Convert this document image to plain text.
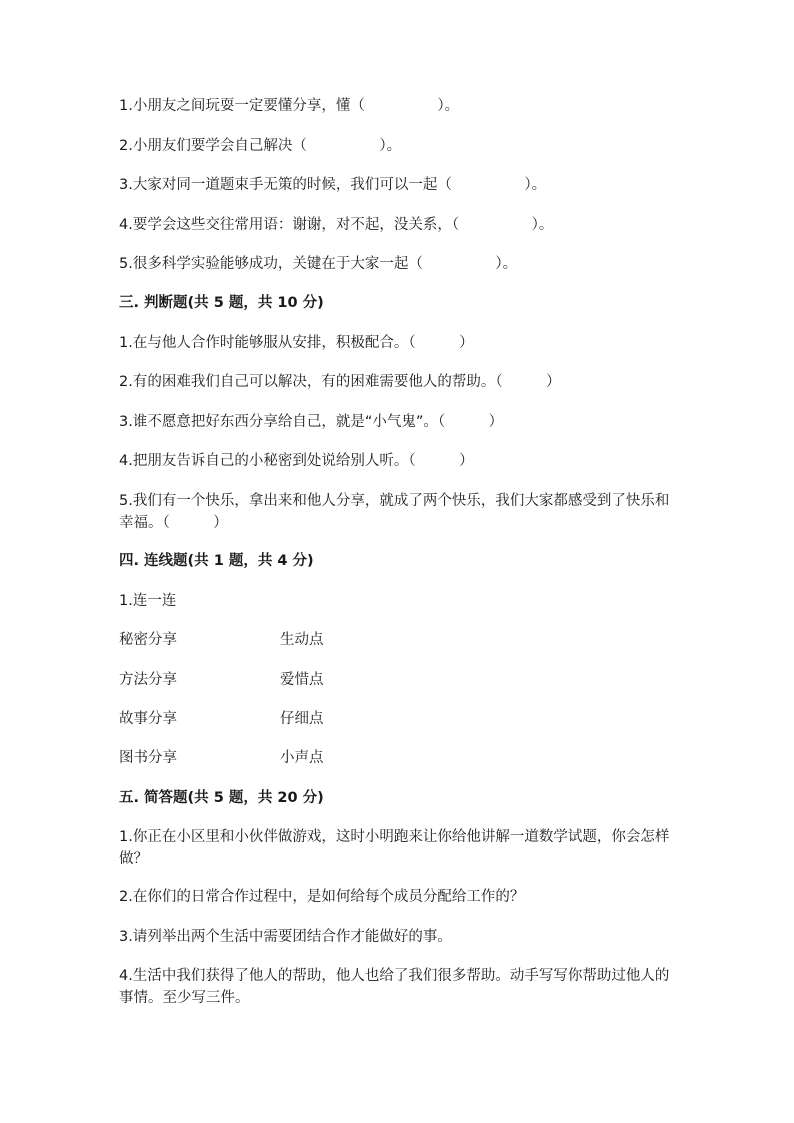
1.小朋友之间玩耍一定要懂分享，懂（　　　　　）。
2.小朋友们要学会自己解决（　　　　　）。
3.大家对同一道题束手无策的时候，我们可以一起（　　　　　）。
4.要学会这些交往常用语：谢谢，对不起，没关系，（　　　　　）。
5.很多科学实验能够成功，关键在于大家一起（　　　　　）。
三. 判断题(共 5 题，共 10 分)
1.在与他人合作时能够服从安排，积极配合。（　　　）
2.有的困难我们自己可以解决，有的困难需要他人的帮助。（　　　）
3.谁不愿意把好东西分享给自己，就是“小气鬼”。（　　　）
4.把朋友告诉自己的小秘密到处说给别人听。（　　　）
5.我们有一个快乐，拿出来和他人分享，就成了两个快乐，我们大家都感受到了快乐和幸福。（　　　）
四. 连线题(共 1 题，共 4 分)
1.连一连
秘密分享	生动点
方法分享	爱惜点
故事分享	仔细点
图书分享	小声点
五. 简答题(共 5 题，共 20 分)
1.你正在小区里和小伙伴做游戏，这时小明跑来让你给他讲解一道数学试题，你会怎样做？
2.在你们的日常合作过程中，是如何给每个成员分配给工作的？
3.请列举出两个生活中需要团结合作才能做好的事。
4.生活中我们获得了他人的帮助，他人也给了我们很多帮助。动手写写你帮助过他人的事情。至少写三件。
